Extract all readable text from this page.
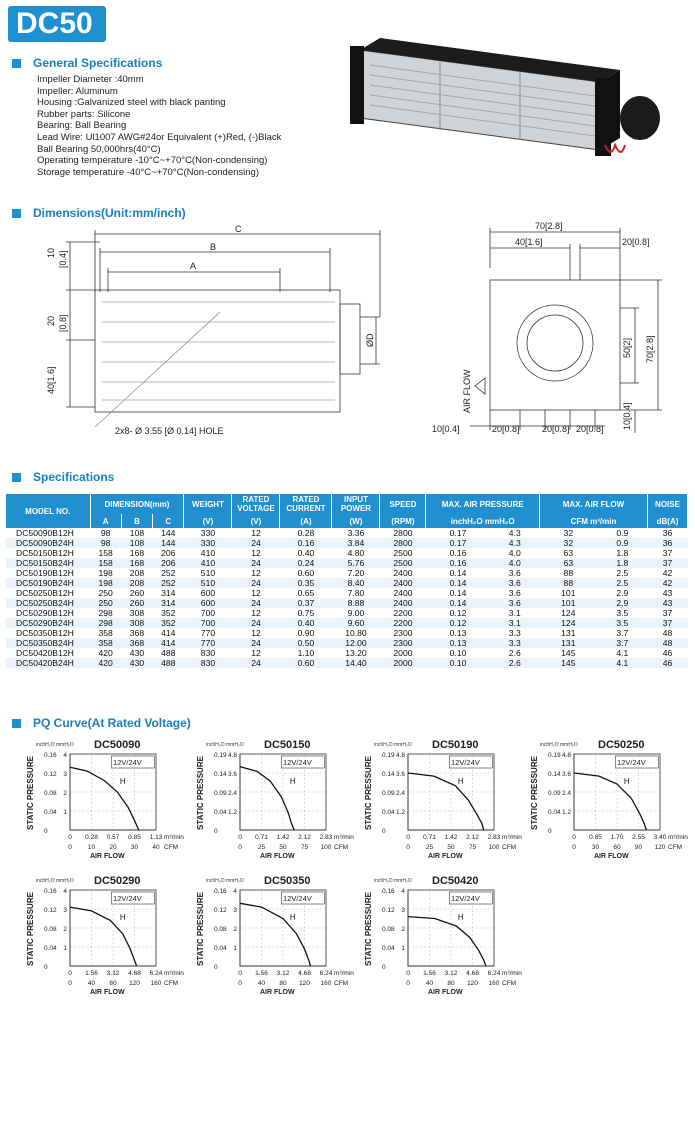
DC50
General Specifications
Impeller Diameter :40mm
Impeller: Aluminum
Housing :Galvanized steel with black panting
Rubber parts: Silicone
Bearing: Ball Bearing
Lead Wire: Ul1007 AWG#24or Equivalent (+)Red, (-)Black
Ball Bearing 50,000hrs(40°C)
Operating temperature -10°C~+70°C(Non-condensing)
Storage temperature -40°C~+70°C(Non-condensing)
Dimensions(Unit:mm/inch)
C
B
A
10 [0.4]
20 [0.8]
40[1.6]
ØD
2x8- Ø 3.55 [Ø 0.14] HOLE
70[2.8]
40[1.6]	20[0.8]
50[2] 70[2.8]
10[0.4]
10[0.4]	20[0.8] 20[0.8] 20[0.8]
AIR FLOW
Specifications
MODEL NO.	DIMENSION(mm)			WEIGHT	RATED VOLTAGE	RATED CURRENT	INPUT POWER	SPEED	MAX. AIR PRESSURE		MAX. AIR FLOW		NOISE
	A	B	C	(V)	(V)	(A)	(W)	(RPM)	inchH₂O mmH₂O		CFM m³/min		dB(A)
DC50090B12H	98	108	144	330	12	0.28	3.36	2800	0.17	4.3	32	0.9	36
DC50090B24H	98	108	144	330	24	0.16	3.84	2800	0.17	4.3	32	0.9	36
DC50150B12H	158	168	206	410	12	0.40	4.80	2500	0.16	4.0	63	1.8	37
DC50150B24H	158	168	206	410	24	0.24	5.76	2500	0.16	4.0	63	1.8	37
DC50190B12H	198	208	252	510	12	0.60	7.20	2400	0.14	3.6	88	2.5	42
DC50190B24H	198	208	252	510	24	0.35	8.40	2400	0.14	3.6	88	2.5	42
DC50250B12H	250	260	314	600	12	0.65	7.80	2400	0.14	3.6	101	2.9	43
DC50250B24H	250	260	314	600	24	0.37	8.88	2400	0.14	3.6	101	2.9	43
DC50290B12H	298	308	352	700	12	0.75	9.00	2200	0.12	3.1	124	3.5	37
DC50290B24H	298	308	352	700	24	0.40	9.60	2200	0.12	3.1	124	3.5	37
DC50350B12H	358	368	414	770	12	0.90	10.80	2300	0.13	3.3	131	3.7	48
DC50350B24H	358	368	414	770	24	0.50	12.00	2300	0.13	3.3	131	3.7	48
DC50420B12H	420	430	488	830	12	1.10	13.20	2000	0.10	2.6	145	4.1	46
DC50420B24H	420	430	488	830	24	0.60	14.40	2000	0.10	2.6	145	4.1	46
PQ Curve(At Rated Voltage)
DC50090
inchH₂O mmH₂O
STATIC PRESSURE
0.16 4
0.12 3
0.08 2
0.04 1
0
0
0
0.28
10
0.57
20
0.85
30
1.13
40
m³/min
CFM
AIR FLOW
12V/24V
H
DC50150
inchH₂O mmH₂O
STATIC PRESSURE
0.19 4.8
0.14 3.6
0.09 2.4
0.04 1.2
0
0
0
0.71
25
1.42
50
2.12
75
2.83
100
m³/min
CFM
AIR FLOW
12V/24V
H
DC50190
inchH₂O mmH₂O
STATIC PRESSURE
0.19 4.8
0.14 3.6
0.09 2.4
0.04 1.2
0
0
0
0.71
25
1.42
50
2.12
75
2.83
100
m³/min
CFM
AIR FLOW
12V/24V
H
DC50250
inchH₂O mmH₂O
STATIC PRESSURE
0.19 4.8
0.14 3.6
0.09 2.4
0.04 1.2
0
0
0
0.85
30
1.70
60
2.55
90
3.40
120
m³/min
CFM
AIR FLOW
12V/24V
H
DC50290
inchH₂O mmH₂O
STATIC PRESSURE
0.16 4
0.12 3
0.08 2
0.04 1
0
0
0
1.56
40
3.12
80
4.68
120
6.24
160
m³/min
CFM
AIR FLOW
12V/24V
H
DC50350
inchH₂O mmH₂O
STATIC PRESSURE
0.16 4
0.12 3
0.08 2
0.04 1
0
0
0
1.56
40
3.12
80
4.68
120
6.24
160
m³/min
CFM
AIR FLOW
12V/24V
H
DC50420
inchH₂O mmH₂O
STATIC PRESSURE
0.16 4
0.12 3
0.08 2
0.04 1
0
0
0
1.56
40
3.12
80
4.68
120
6.24
160
m³/min
CFM
AIR FLOW
12V/24V
H
